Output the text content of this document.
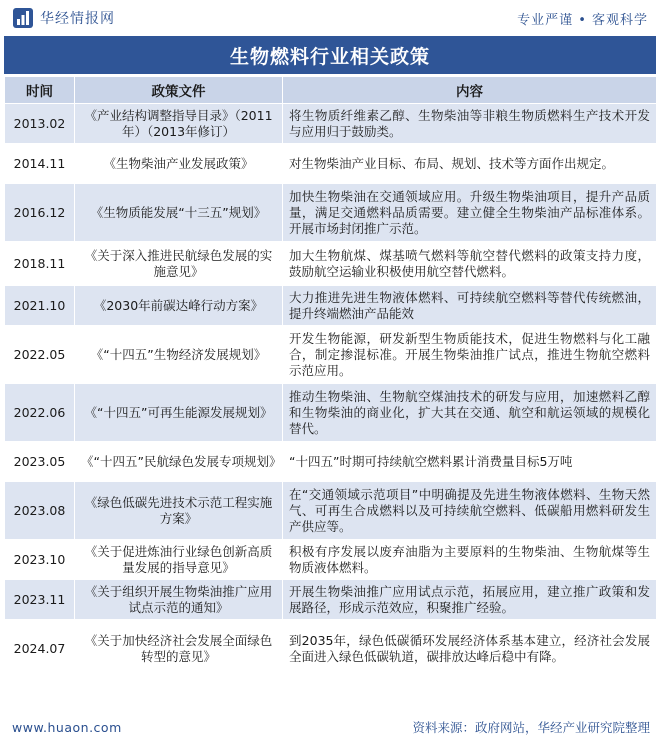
华经情报网	专业严谨 • 客观科学
生物燃料行业相关政策
时间	政策文件	内容
2013.02	《产业结构调整指导目录》（2011年）（2013年修订）	将生物质纤维素乙醇、生物柴油等非粮生物质燃料生产技术开发与应用归于鼓励类。
2014.11	《生物柴油产业发展政策》	对生物柴油产业目标、布局、规划、技术等方面作出规定。
2016.12	《生物质能发展“十三五”规划》	加快生物柴油在交通领域应用。升级生物柴油项目，提升产品质量，满足交通燃料品质需要。建立健全生物柴油产品标准体系。开展市场封闭推广示范。
2018.11	《关于深入推进民航绿色发展的实施意见》	加大生物航煤、煤基喷气燃料等航空替代燃料的政策支持力度，鼓励航空运输业积极使用航空替代燃料。
2021.10	《2030年前碳达峰行动方案》	大力推进先进生物液体燃料、可持续航空燃料等替代传统燃油，提升终端燃油产品能效
2022.05	《“十四五”生物经济发展规划》	开发生物能源，研发新型生物质能技术，促进生物燃料与化工融合，制定掺混标准。开展生物柴油推广试点，推进生物航空燃料示范应用。
2022.06	《“十四五”可再生能源发展规划》	推动生物柴油、生物航空煤油技术的研发与应用，加速燃料乙醇和生物柴油的商业化，扩大其在交通、航空和航运领域的规模化替代。
2023.05	《“十四五”民航绿色发展专项规划》	“十四五”时期可持续航空燃料累计消费量目标5万吨
2023.08	《绿色低碳先进技术示范工程实施方案》	在“交通领域示范项目”中明确提及先进生物液体燃料、生物天然气、可再生合成燃料以及可持续航空燃料、低碳船用燃料研发生产供应等。
2023.10	《关于促进炼油行业绿色创新高质量发展的指导意见》	积极有序发展以废弃油脂为主要原料的生物柴油、生物航煤等生物质液体燃料。
2023.11	《关于组织开展生物柴油推广应用试点示范的通知》	开展生物柴油推广应用试点示范，拓展应用，建立推广政策和发展路径，形成示范效应，积聚推广经验。
2024.07	《关于加快经济社会发展全面绿色转型的意见》	到2035年，绿色低碳循环发展经济体系基本建立，经济社会发展全面进入绿色低碳轨道，碳排放达峰后稳中有降。
www.huaon.com	资料来源：政府网站，华经产业研究院整理
